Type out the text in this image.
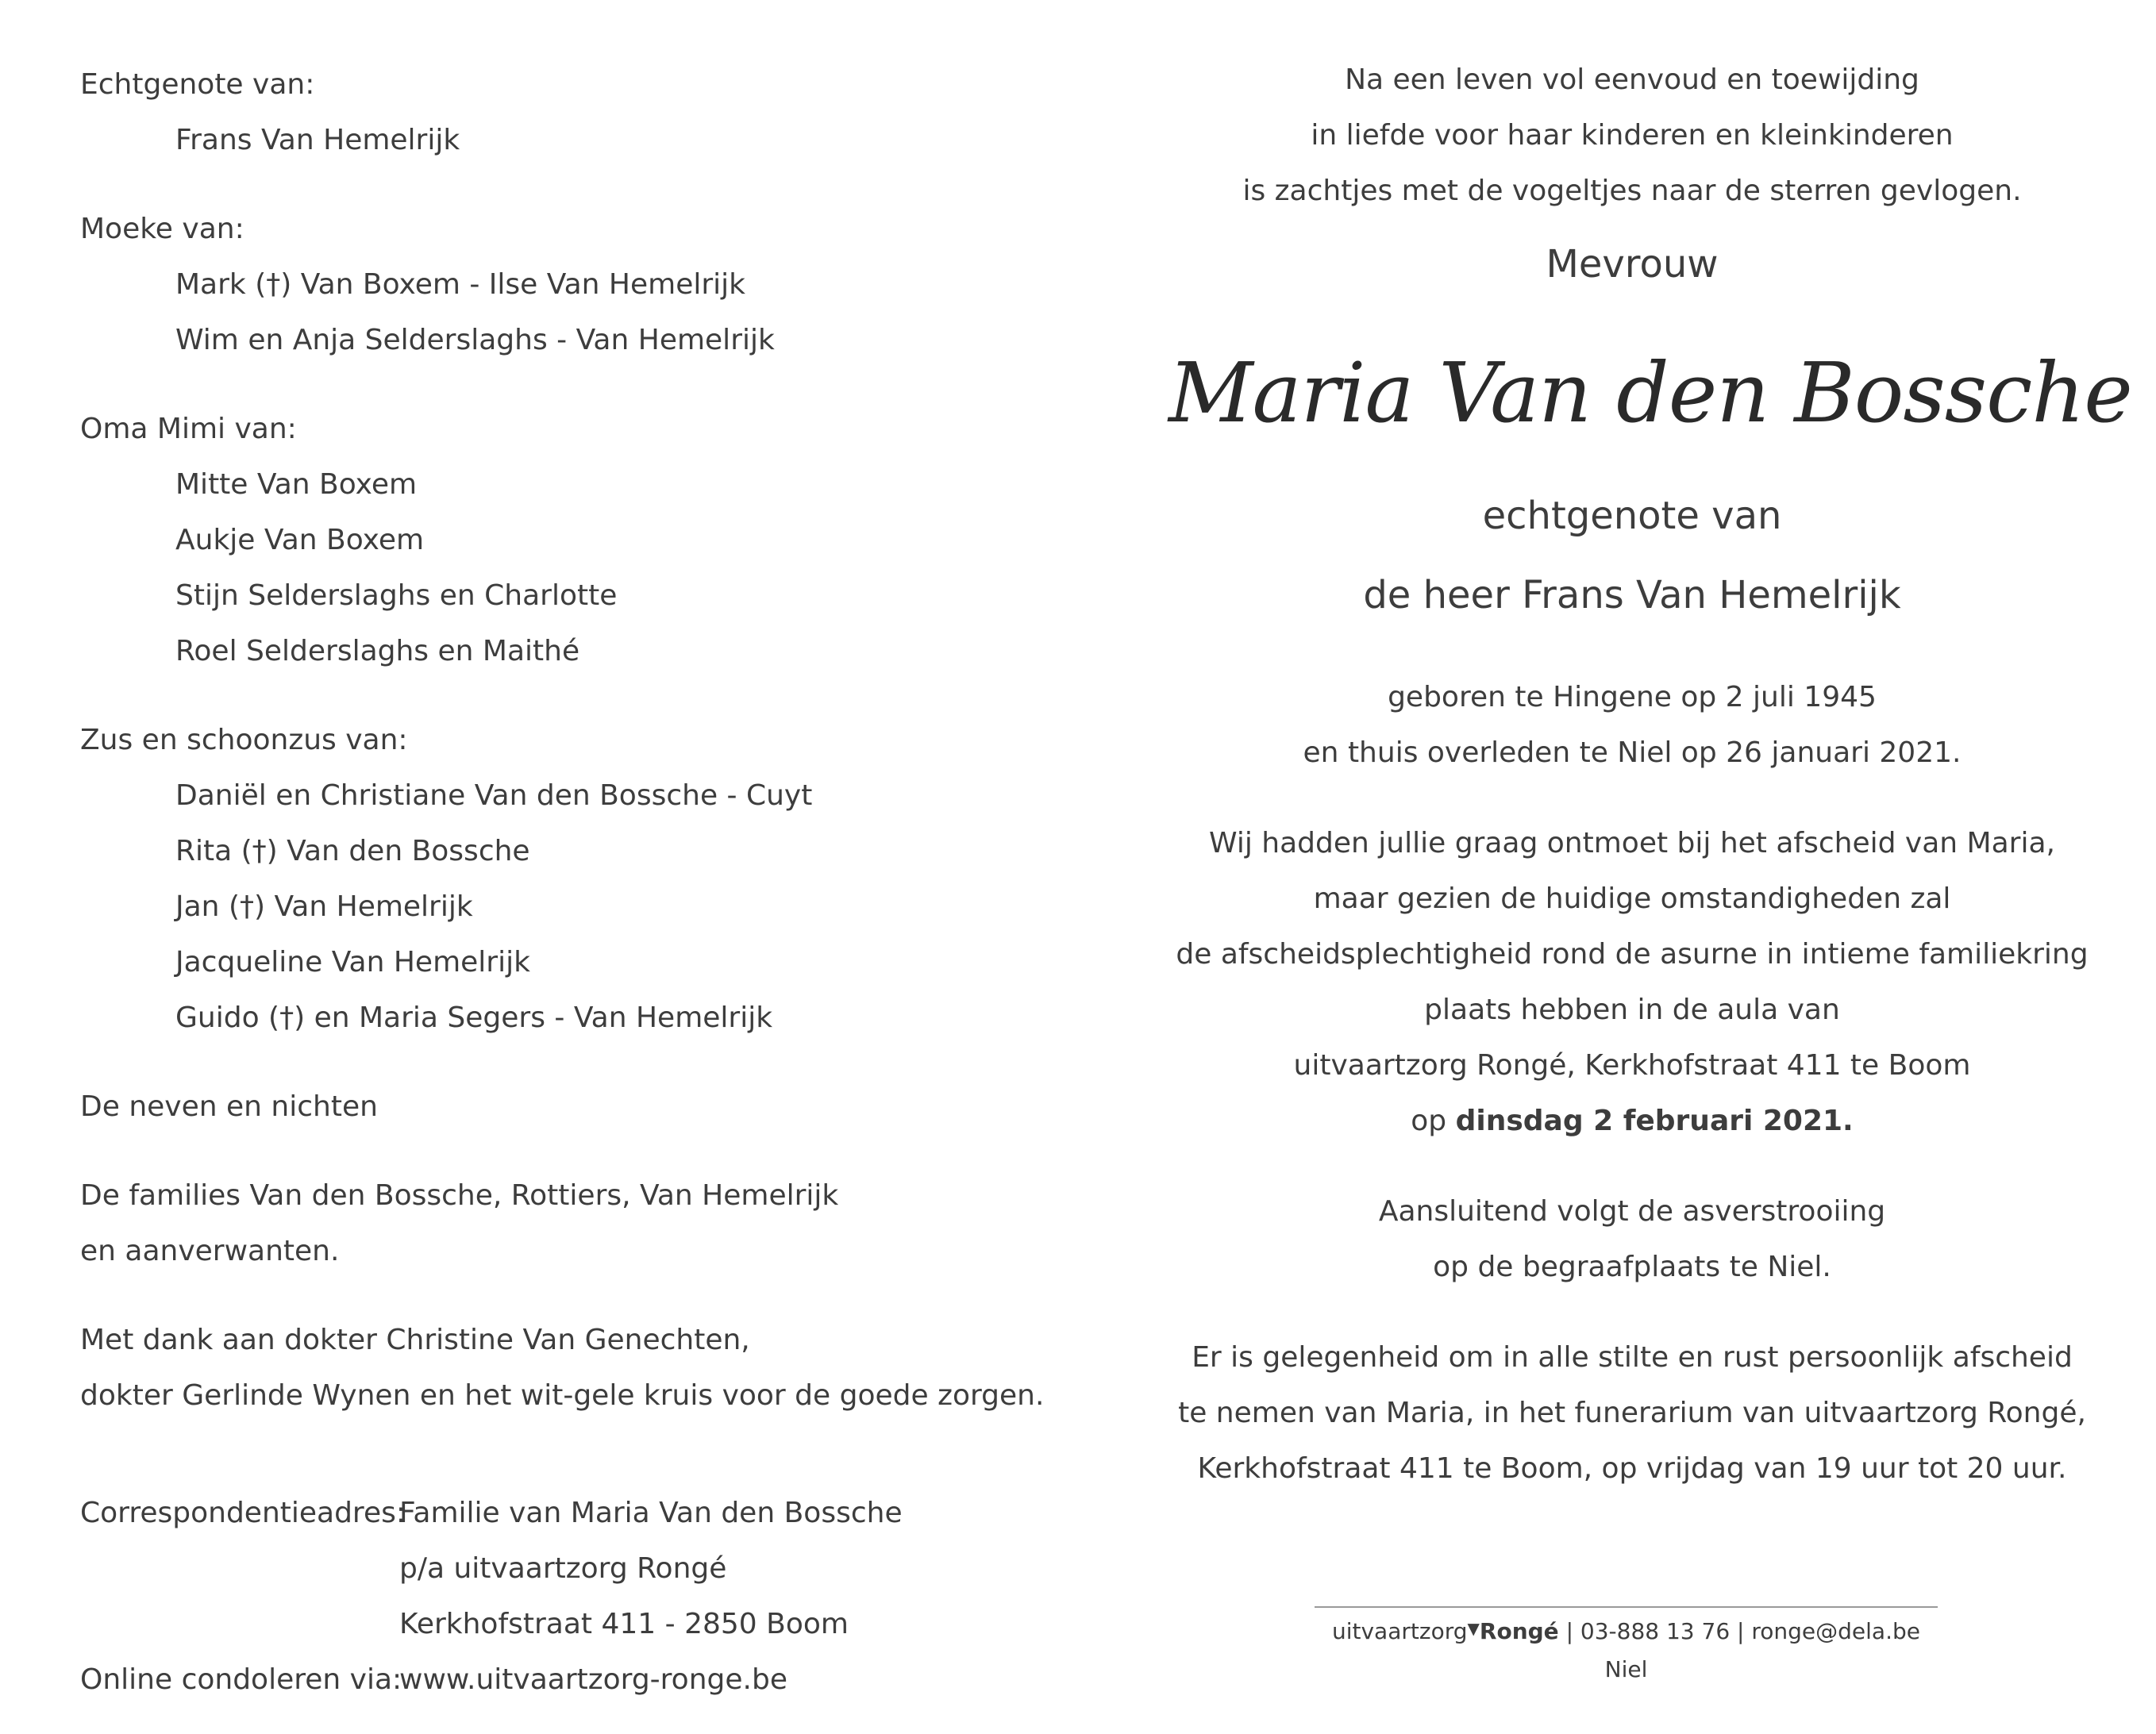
Echtgenote van:

Frans Van Hemelrijk

Moeke van:

Mark (†) Van Boxem - Ilse Van Hemelrijk

Wim en Anja Selderslaghs - Van Hemelrijk

Oma Mimi van:

Mitte Van Boxem

Aukje Van Boxem

Stijn Selderslaghs en Charlotte

Roel Selderslaghs en Maithé

Zus en schoonzus van:

Daniël en Christiane Van den Bossche - Cuyt

Rita (†) Van den Bossche

Jan (†) Van Hemelrijk

Jacqueline Van Hemelrijk

Guido (†) en Maria Segers - Van Hemelrijk

De neven en nichten

De families Van den Bossche, Rottiers, Van Hemelrijk

en aanverwanten.

Met dank aan dokter Christine Van Genechten,

dokter Gerlinde Wynen en het wit-gele kruis voor de goede zorgen.

Correspondentieadres:
Familie van Maria Van den Bossche
p/a uitvaartzorg Rongé
Kerkhofstraat 411 - 2850 Boom
Online condoleren via:
www.uitvaartzorg-ronge.be

Na een leven vol eenvoud en toewijding

in liefde voor haar kinderen en kleinkinderen

is zachtjes met de vogeltjes naar de sterren gevlogen.

Mevrouw

Maria Van den Bossche

echtgenote van

de heer Frans Van Hemelrijk

geboren te Hingene op 2 juli 1945

en thuis overleden te Niel op 26 januari 2021.

Wij hadden jullie graag ontmoet bij het afscheid van Maria,

maar gezien de huidige omstandigheden zal

de afscheidsplechtigheid rond de asurne in intieme familiekring

plaats hebben in de aula van

uitvaartzorg Rongé, Kerkhofstraat 411 te Boom

op dinsdag 2 februari 2021.

Aansluitend volgt de asverstrooiing

op de begraafplaats te Niel.

Er is gelegenheid om in alle stilte en rust persoonlijk afscheid

te nemen van Maria, in het funerarium van uitvaartzorg Rongé,

Kerkhofstraat 411 te Boom, op vrijdag van 19 uur tot 20 uur.

uitvaartzorg▼Rongé | 03-888 13 76 | ronge@dela.be
Niel
